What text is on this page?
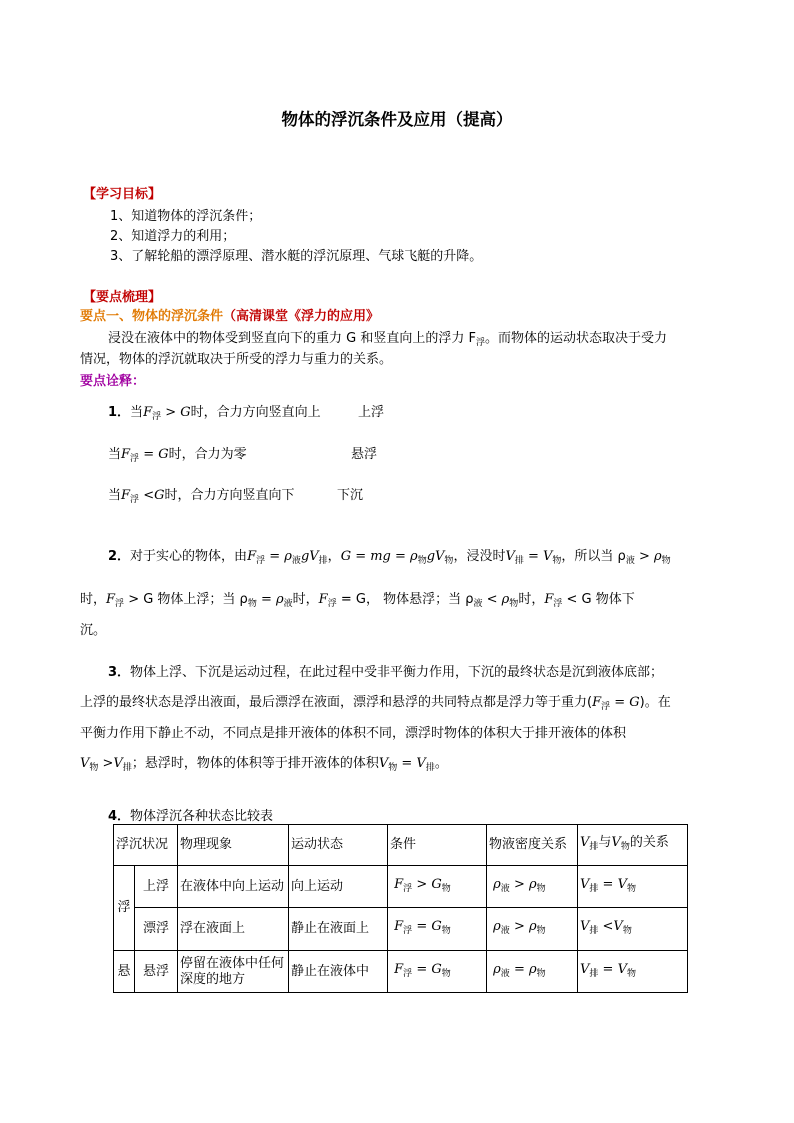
物体的浮沉条件及应用（提高）
【学习目标】
1、知道物体的浮沉条件；
2、知道浮力的利用；
3、了解轮船的漂浮原理、潜水艇的浮沉原理、气球飞艇的升降。
【要点梳理】
要点一、物体的浮沉条件（高清课堂《浮力的应用》
浸没在液体中的物体受到竖直向下的重力 G 和竖直向上的浮力 $F_浮$。而物体的运动状态取决于受力
情况，物体的浮沉就取决于所受的浮力与重力的关系。
要点诠释：
1．当$F_浮 > G$时，合力方向竖直向上	上浮
当$F_浮 = G$时，合力为零	悬浮
当$F_浮 <G$时，合力方向竖直向下	下沉
2．对于实心的物体，由$F_浮 = \rho_液gV_排$，G = mg = $\rho_物gV_物$，浸没时$V_排 = V_物$，所以当 $\rho_液 > \rho_物$
时，$F_浮 > G$ 物体上浮；当 $\rho_物 = \rho_液$时，$F_浮 = G$， 物体悬浮；当 $\rho_液 < \rho_物$时，$F_浮 < G$ 物体下
沉。
3．物体上浮、下沉是运动过程，在此过程中受非平衡力作用，下沉的最终状态是沉到液体底部；
上浮的最终状态是浮出液面，最后漂浮在液面，漂浮和悬浮的共同特点都是浮力等于重力$(F_浮 = G)$。在
平衡力作用下静止不动，不同点是排开液体的体积不同，漂浮时物体的体积大于排开液体的体积
$V_物 >V_排$；悬浮时，物体的体积等于排开液体的体积$V_物 = V_排$。
4．物体浮沉各种状态比较表
浮沉状况		物理现象	运动状态	条件	物液密度关系	$V_排$与$V_物$的关系
浮	上浮	在液体中向上运动	向上运动	$F_浮 > G_物$	$\rho_液 > \rho_物$	$V_排 = V_物$
	漂浮	浮在液面上	静止在液面上	$F_浮 = G_物$	$\rho_液 > \rho_物$	$V_排 <V_物$
悬	悬浮	停留在液体中任何深度的地方	静止在液体中	$F_浮 = G_物$	$\rho_液 = \rho_物$	$V_排 = V_物$
